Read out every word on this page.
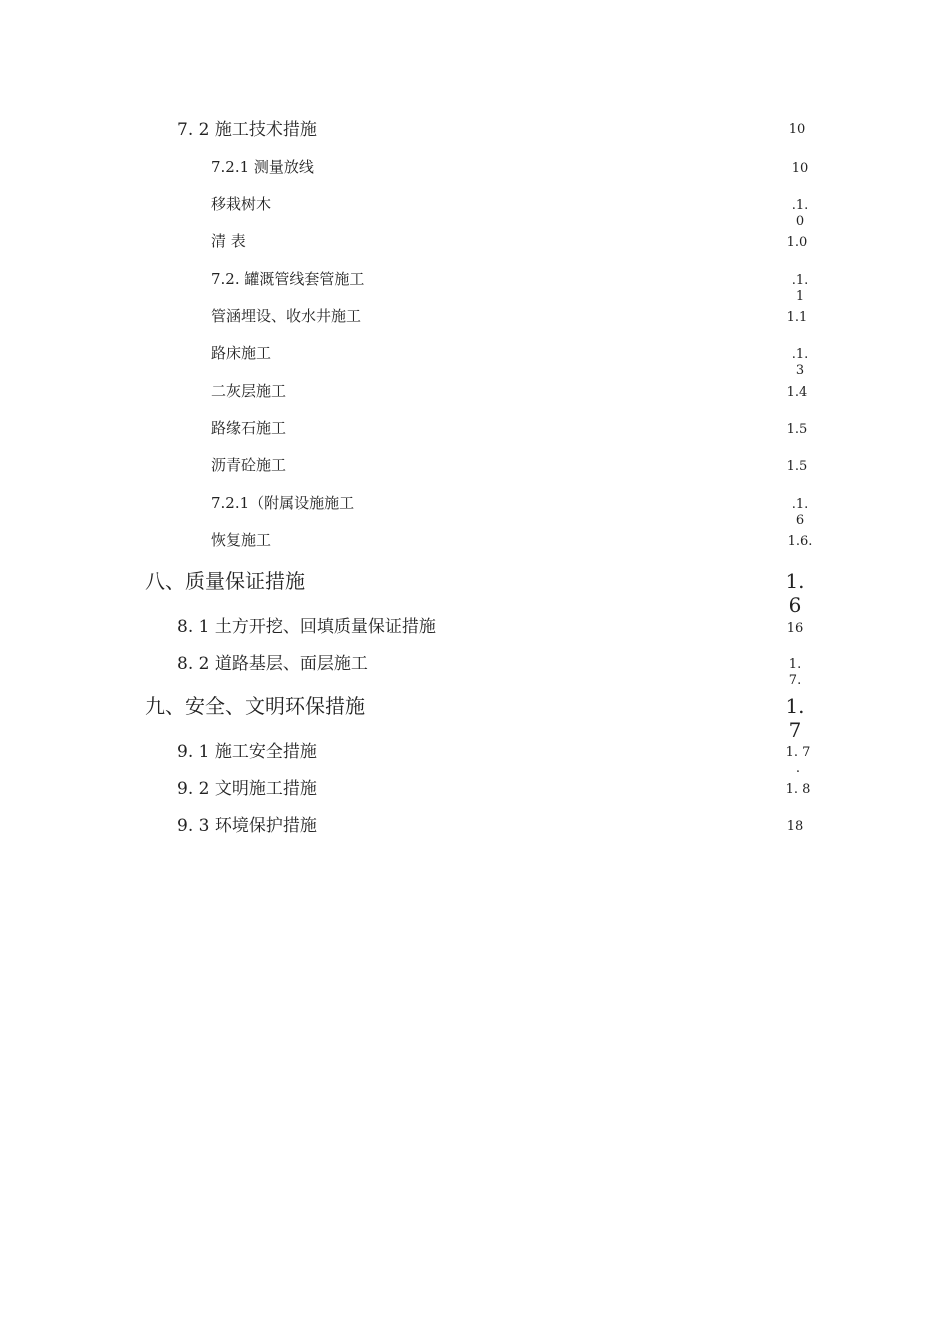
7. 2 施工技术措施	10
7.2.1 测量放线	10
移栽树木	.1.
0
清 表	1.0
7.2. 罐溉管线套管施工	.1.
1
管涵埋设、收水井施工	1.1
路床施工	.1.
3
二灰层施工	1.4
路缘石施工	1.5
沥青砼施工	1.5
7.2.1（附属设施施工	.1.
6
恢复施工	1.6.
八、质量保证措施	1.
6
8. 1 土方开挖、回填质量保证措施	16
8. 2 道路基层、面层施工	1.
7.
九、安全、文明环保措施	1.
7
9. 1 施工安全措施	1. 7
.
9. 2 文明施工措施	1. 8
9. 3 环境保护措施	18
